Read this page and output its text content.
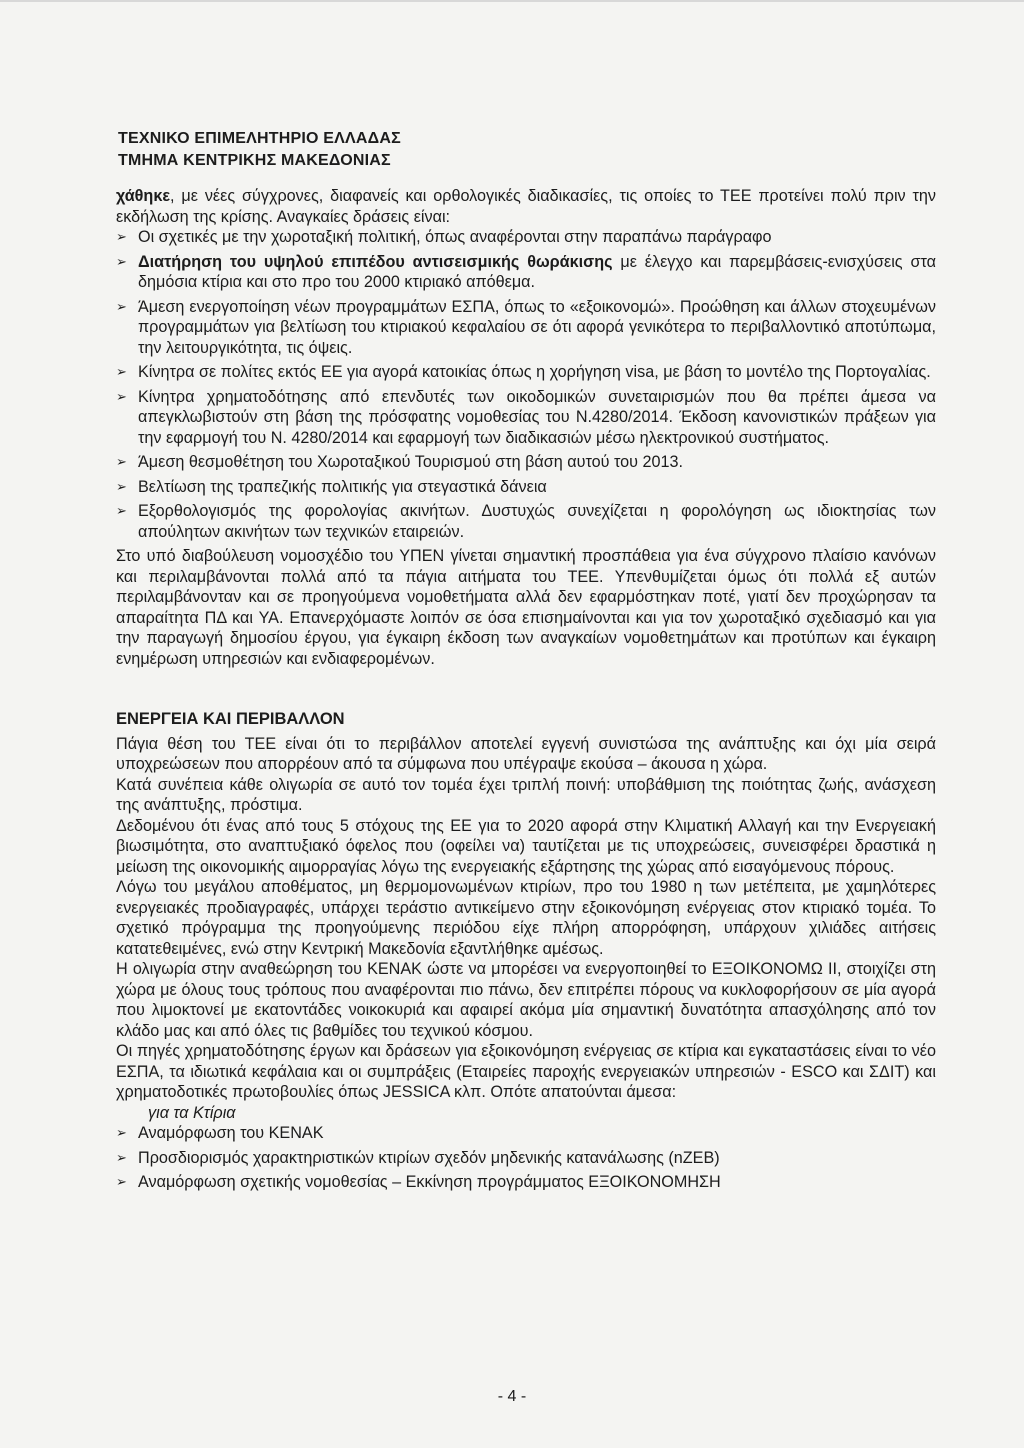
ΤΕΧΝΙΚΟ ΕΠΙΜΕΛΗΤΗΡΙΟ ΕΛΛΑΔΑΣ
ΤΜΗΜΑ ΚΕΝΤΡΙΚΗΣ ΜΑΚΕΔΟΝΙΑΣ

χάθηκε, με νέες σύγχρονες, διαφανείς και ορθολογικές διαδικασίες, τις οποίες το ΤΕΕ προτείνει πολύ πριν την εκδήλωση της κρίσης. Αναγκαίες δράσεις είναι:

➢ Οι σχετικές με την χωροταξική πολιτική, όπως αναφέρονται στην παραπάνω παράγραφο
➢ Διατήρηση του υψηλού επιπέδου αντισεισμικής θωράκισης με έλεγχο και παρεμβάσεις-ενισχύσεις στα δημόσια κτίρια και στο προ του 2000 κτιριακό απόθεμα.
➢ Άμεση ενεργοποίηση νέων προγραμμάτων ΕΣΠΑ, όπως το «εξοικονομώ». Προώθηση και άλλων στοχευμένων προγραμμάτων για βελτίωση του κτιριακού κεφαλαίου σε ότι αφορά γενικότερα το περιβαλλοντικό αποτύπωμα, την λειτουργικότητα, τις όψεις.
➢ Κίνητρα σε πολίτες εκτός ΕΕ για αγορά κατοικίας όπως η χορήγηση visa, με βάση το μοντέλο της Πορτογαλίας.
➢ Κίνητρα χρηματοδότησης από επενδυτές των οικοδομικών συνεταιρισμών που θα πρέπει άμεσα να απεγκλωβιστούν στη βάση της πρόσφατης νομοθεσίας του Ν.4280/2014. Έκδοση κανονιστικών πράξεων για την εφαρμογή του Ν. 4280/2014 και εφαρμογή των διαδικασιών μέσω ηλεκτρονικού συστήματος.
➢ Άμεση θεσμοθέτηση του Χωροταξικού Τουρισμού στη βάση αυτού του 2013.
➢ Βελτίωση της τραπεζικής πολιτικής για στεγαστικά δάνεια
➢ Εξορθολογισμός της φορολογίας ακινήτων. Δυστυχώς συνεχίζεται η φορολόγηση ως ιδιοκτησίας των απούλητων ακινήτων των τεχνικών εταιρειών.

Στο υπό διαβούλευση νομοσχέδιο του ΥΠΕΝ γίνεται σημαντική προσπάθεια για ένα σύγχρονο πλαίσιο κανόνων και περιλαμβάνονται πολλά από τα πάγια αιτήματα του ΤΕΕ. Υπενθυμίζεται όμως ότι πολλά εξ αυτών περιλαμβάνονταν και σε προηγούμενα νομοθετήματα αλλά δεν εφαρμόστηκαν ποτέ, γιατί δεν προχώρησαν τα απαραίτητα ΠΔ και ΥΑ. Επανερχόμαστε λοιπόν σε όσα επισημαίνονται και για τον χωροταξικό σχεδιασμό και για την παραγωγή δημοσίου έργου, για έγκαιρη έκδοση των αναγκαίων νομοθετημάτων και προτύπων και έγκαιρη ενημέρωση υπηρεσιών και ενδιαφερομένων.

ΕΝΕΡΓΕΙΑ ΚΑΙ ΠΕΡΙΒΑΛΛΟΝ

Πάγια θέση του ΤΕΕ είναι ότι το περιβάλλον αποτελεί εγγενή συνιστώσα της ανάπτυξης και όχι μία σειρά υποχρεώσεων που απορρέουν από τα σύμφωνα που υπέγραψε εκούσα – άκουσα η χώρα.

Κατά συνέπεια κάθε ολιγωρία σε αυτό τον τομέα έχει τριπλή ποινή: υποβάθμιση της ποιότητας ζωής, ανάσχεση της ανάπτυξης, πρόστιμα.

Δεδομένου ότι ένας από τους 5 στόχους της ΕΕ για το 2020 αφορά στην Κλιματική Αλλαγή και την Ενεργειακή βιωσιμότητα, στο αναπτυξιακό όφελος που (οφείλει να) ταυτίζεται με τις υποχρεώσεις, συνεισφέρει δραστικά η μείωση της οικονομικής αιμορραγίας λόγω της ενεργειακής εξάρτησης της χώρας από εισαγόμενους πόρους.

Λόγω του μεγάλου αποθέματος, μη θερμομονωμένων κτιρίων, προ του 1980 η των μετέπειτα, με χαμηλότερες ενεργειακές προδιαγραφές, υπάρχει τεράστιο αντικείμενο στην εξοικονόμηση ενέργειας στον κτιριακό τομέα. Το σχετικό πρόγραμμα της προηγούμενης περιόδου είχε πλήρη απορρόφηση, υπάρχουν χιλιάδες αιτήσεις κατατεθειμένες, ενώ στην Κεντρική Μακεδονία εξαντλήθηκε αμέσως.

Η ολιγωρία στην αναθεώρηση του ΚΕΝΑΚ ώστε να μπορέσει να ενεργοποιηθεί το ΕΞΟΙΚΟΝΟΜΩ ΙΙ, στοιχίζει στη χώρα με όλους τους τρόπους που αναφέρονται πιο πάνω, δεν επιτρέπει πόρους να κυκλοφορήσουν σε μία αγορά που λιμοκτονεί με εκατοντάδες νοικοκυριά και αφαιρεί ακόμα μία σημαντική δυνατότητα απασχόλησης από τον κλάδο μας και από όλες τις βαθμίδες του τεχνικού κόσμου.

Οι πηγές χρηματοδότησης έργων και δράσεων για εξοικονόμηση ενέργειας σε κτίρια και εγκαταστάσεις είναι το νέο ΕΣΠΑ, τα ιδιωτικά κεφάλαια και οι συμπράξεις (Εταιρείες παροχής ενεργειακών υπηρεσιών - ESCO και ΣΔΙΤ) και χρηματοδοτικές πρωτοβουλίες όπως JESSICA κλπ. Οπότε απατούνται άμεσα:

για τα Κτίρια

➢ Αναμόρφωση του ΚΕΝΑΚ
➢ Προσδιορισμός χαρακτηριστικών κτιρίων σχεδόν μηδενικής κατανάλωσης (nZEB)
➢ Αναμόρφωση σχετικής νομοθεσίας – Εκκίνηση προγράμματος ΕΞΟΙΚΟΝΟΜΗΣΗ
- 4 -
